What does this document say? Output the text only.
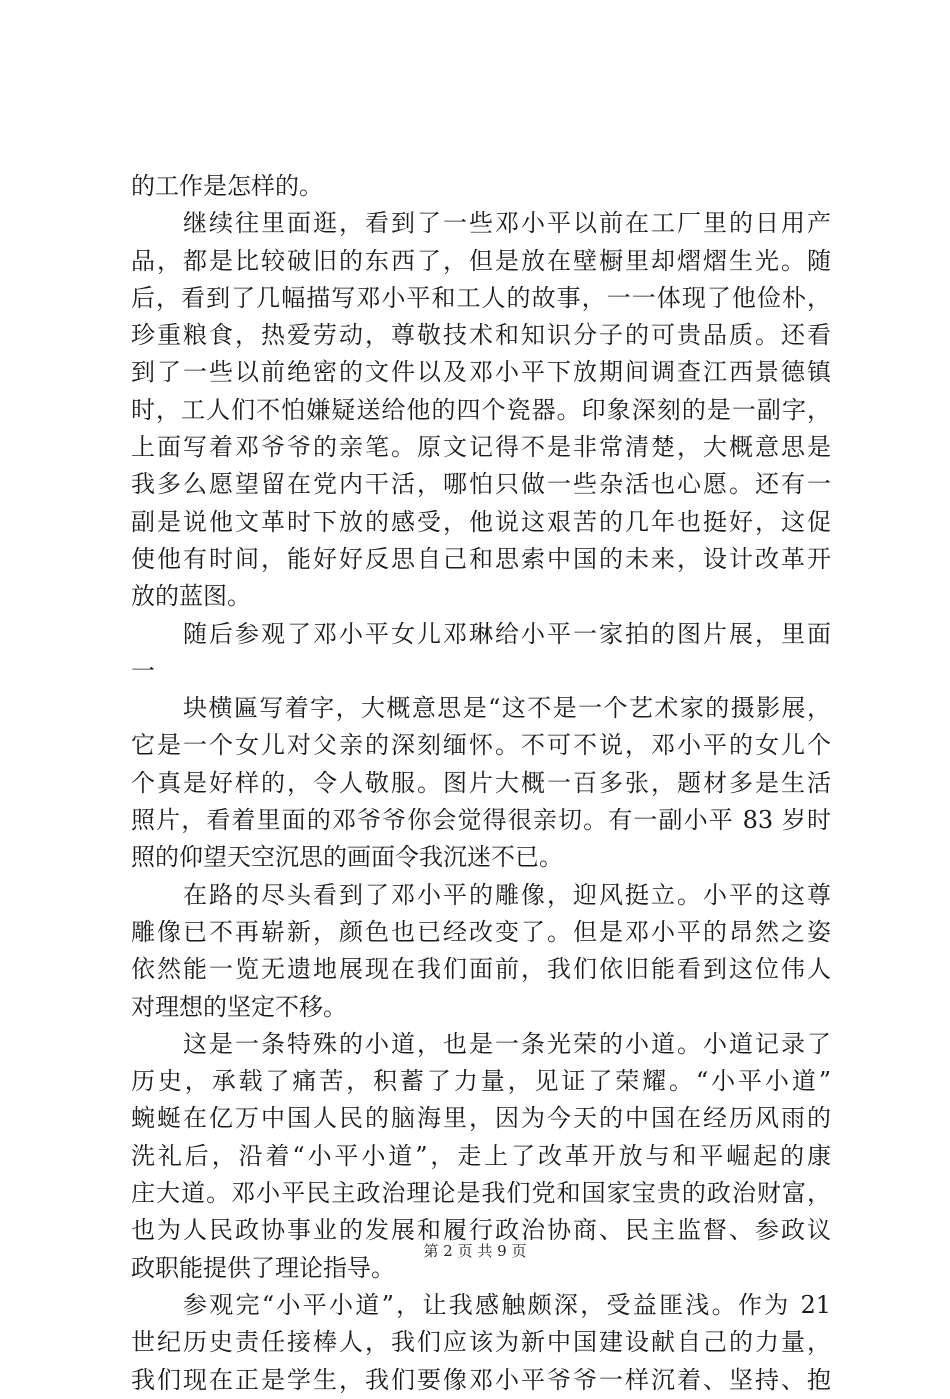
的工作是怎样的。
继续往里面逛，看到了一些邓小平以前在工厂里的日用产
品，都是比较破旧的东西了，但是放在壁橱里却熠熠生光。随
后，看到了几幅描写邓小平和工人的故事，一一体现了他俭朴，
珍重粮食，热爱劳动，尊敬技术和知识分子的可贵品质。还看
到了一些以前绝密的文件以及邓小平下放期间调查江西景德镇
时，工人们不怕嫌疑送给他的四个瓷器。印象深刻的是一副字，
上面写着邓爷爷的亲笔。原文记得不是非常清楚，大概意思是
我多么愿望留在党内干活，哪怕只做一些杂活也心愿。还有一
副是说他文革时下放的感受，他说这艰苦的几年也挺好，这促
使他有时间，能好好反思自己和思索中国的未来，设计改革开
放的蓝图。
随后参观了邓小平女儿邓琳给小平一家拍的图片展，里面
一
块横匾写着字，大概意思是“这不是一个艺术家的摄影展，
它是一个女儿对父亲的深刻缅怀。不可不说，邓小平的女儿个
个真是好样的，令人敬服。图片大概一百多张，题材多是生活
照片，看着里面的邓爷爷你会觉得很亲切。有一副小平 83 岁时
照的仰望天空沉思的画面令我沉迷不已。
在路的尽头看到了邓小平的雕像，迎风挺立。小平的这尊
雕像已不再崭新，颜色也已经改变了。但是邓小平的昂然之姿
依然能一览无遗地展现在我们面前，我们依旧能看到这位伟人
对理想的坚定不移。
这是一条特殊的小道，也是一条光荣的小道。小道记录了
历史，承载了痛苦，积蓄了力量，见证了荣耀。“小平小道”
蜿蜒在亿万中国人民的脑海里，因为今天的中国在经历风雨的
洗礼后，沿着“小平小道”，走上了改革开放与和平崛起的康
庄大道。邓小平民主政治理论是我们党和国家宝贵的政治财富，
也为人民政协事业的发展和履行政治协商、民主监督、参政议
政职能提供了理论指导。
参观完“小平小道”，让我感触颇深，受益匪浅。作为 21
世纪历史责任接棒人，我们应该为新中国建设献自己的力量，
我们现在正是学生，我们要像邓小平爷爷一样沉着、坚持、抱
第 2 页 共 9 页
